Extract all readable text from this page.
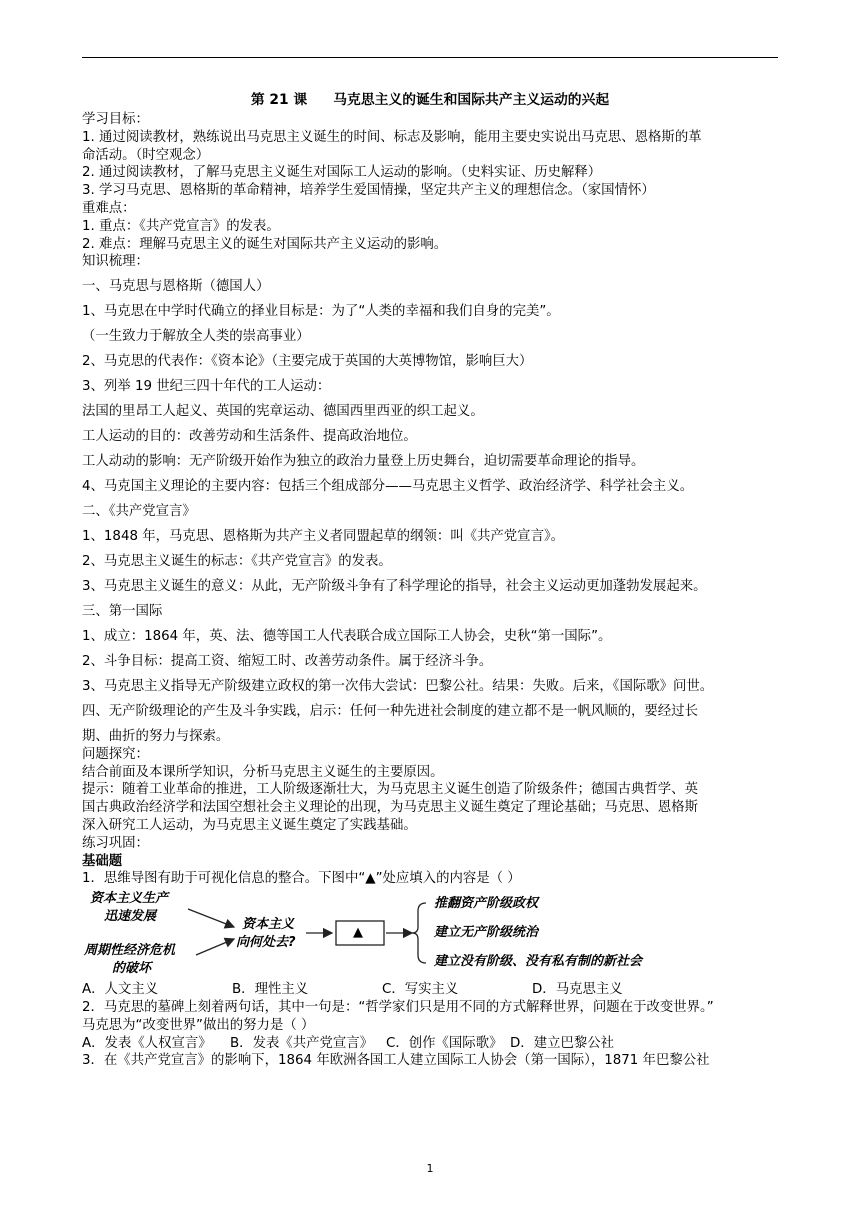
第 21 课 马克思主义的诞生和国际共产主义运动的兴起
学习目标：
1. 通过阅读教材，熟练说出马克思主义诞生的时间、标志及影响，能用主要史实说出马克思、恩格斯的革
命活动。（时空观念）
2. 通过阅读教材，了解马克思主义诞生对国际工人运动的影响。（史料实证、历史解释）
3. 学习马克思、恩格斯的革命精神，培养学生爱国情操，坚定共产主义的理想信念。（家国情怀）
重难点：
1. 重点：《共产党宣言》的发表。
2. 难点：理解马克思主义的诞生对国际共产主义运动的影响。
知识梳理：
一、马克思与恩格斯（德国人）
1、马克思在中学时代确立的择业目标是：为了“人类的幸福和我们自身的完美”。
（一生致力于解放全人类的崇高事业）
2、马克思的代表作：《资本论》（主要完成于英国的大英博物馆，影响巨大）
3、列举 19 世纪三四十年代的工人运动：
法国的里昂工人起义、英国的宪章运动、德国西里西亚的织工起义。
工人运动的目的：改善劳动和生活条件、提高政治地位。
工人动动的影响：无产阶级开始作为独立的政治力量登上历史舞台，迫切需要革命理论的指导。
4、马克国主义理论的主要内容：包括三个组成部分——马克思主义哲学、政治经济学、科学社会主义。
二、《共产党宣言》
1、1848 年，马克思、恩格斯为共产主义者同盟起草的纲领：叫《共产党宣言》。
2、马克思主义诞生的标志：《共产党宣言》的发表。
3、马克思主义诞生的意义：从此，无产阶级斗争有了科学理论的指导，社会主义运动更加蓬勃发展起来。
三、第一国际
1、成立：1864 年，英、法、德等国工人代表联合成立国际工人协会，史秋“第一国际”。
2、斗争目标：提高工资、缩短工时、改善劳动条件。属于经济斗争。
3、马克思主义指导无产阶级建立政权的第一次伟大尝试：巴黎公社。结果：失败。后来，《国际歌》问世。
四、无产阶级理论的产生及斗争实践，启示：任何一种先进社会制度的建立都不是一帆风顺的，要经过长
期、曲折的努力与探索。
问题探究：
结合前面及本课所学知识，分析马克思主义诞生的主要原因。
提示：随着工业革命的推进，工人阶级逐渐壮大，为马克思主义诞生创造了阶级条件；德国古典哲学、英
国古典政治经济学和法国空想社会主义理论的出现，为马克思主义诞生奠定了理论基础；马克思、恩格斯
深入研究工人运动，为马克思主义诞生奠定了实践基础。
练习巩固：
基础题
1．思维导图有助于可视化信息的整合。下图中“▲”处应填入的内容是（ ）
资本主义生产
迅速发展
周期性经济危机
的破坏
资本主义
向何处去?
▲
推翻资产阶级政权
建立无产阶级统治
建立没有阶级、没有私有制的新社会
A．人文主义	B．理性主义	C．写实主义	D．马克思主义
2．马克思的墓碑上刻着两句话，其中一句是：“哲学家们只是用不同的方式解释世界，问题在于改变世界。”
马克思为“改变世界”做出的努力是（ ）
A．发表《人权宣言》	B．发表《共产党宣言》 C．创作《国际歌》 D．建立巴黎公社
3．在《共产党宣言》的影响下，1864 年欧洲各国工人建立国际工人协会（第一国际），1871 年巴黎公社
1
